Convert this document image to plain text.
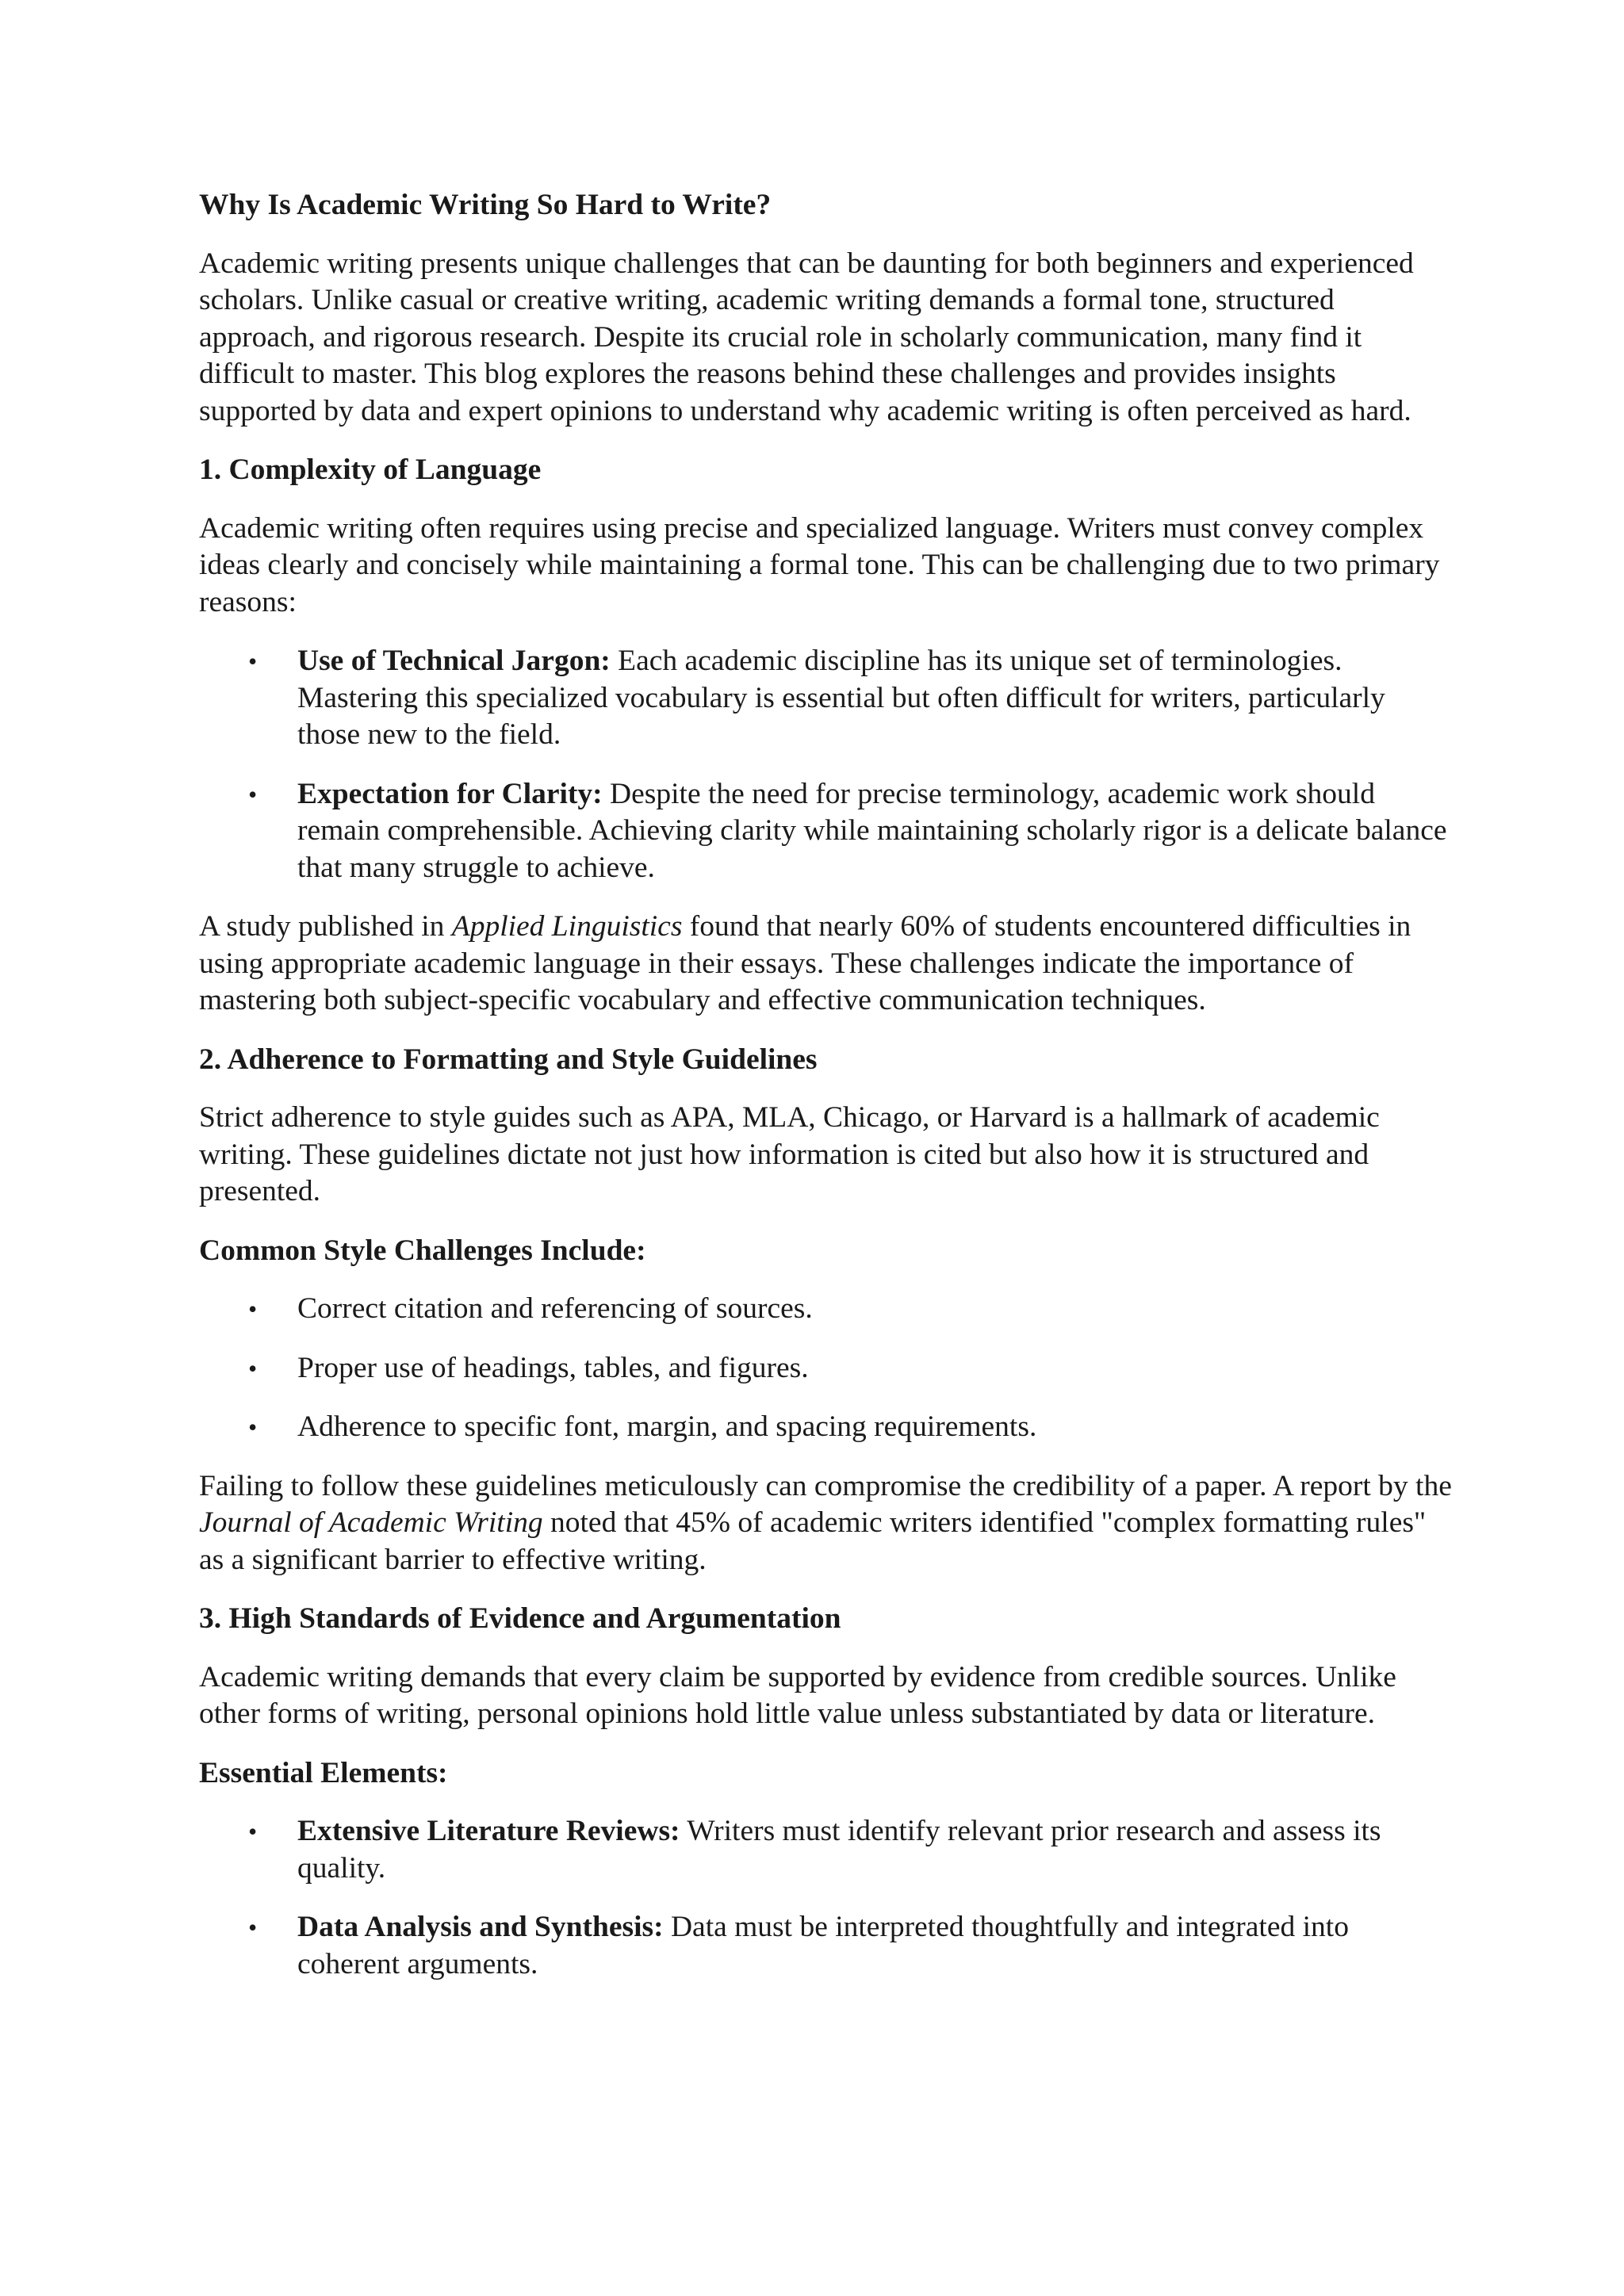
Why Is Academic Writing So Hard to Write?

Academic writing presents unique challenges that can be daunting for both beginners and experienced scholars. Unlike casual or creative writing, academic writing demands a formal tone, structured approach, and rigorous research. Despite its crucial role in scholarly communication, many find it difficult to master. This blog explores the reasons behind these challenges and provides insights supported by data and expert opinions to understand why academic writing is often perceived as hard.

1. Complexity of Language

Academic writing often requires using precise and specialized language. Writers must convey complex ideas clearly and concisely while maintaining a formal tone. This can be challenging due to two primary reasons:

• Use of Technical Jargon: Each academic discipline has its unique set of terminologies. Mastering this specialized vocabulary is essential but often difficult for writers, particularly those new to the field.
• Expectation for Clarity: Despite the need for precise terminology, academic work should remain comprehensible. Achieving clarity while maintaining scholarly rigor is a delicate balance that many struggle to achieve.

A study published in Applied Linguistics found that nearly 60% of students encountered difficulties in using appropriate academic language in their essays. These challenges indicate the importance of mastering both subject-specific vocabulary and effective communication techniques.

2. Adherence to Formatting and Style Guidelines

Strict adherence to style guides such as APA, MLA, Chicago, or Harvard is a hallmark of academic writing. These guidelines dictate not just how information is cited but also how it is structured and presented.

Common Style Challenges Include:
• Correct citation and referencing of sources.
• Proper use of headings, tables, and figures.
• Adherence to specific font, margin, and spacing requirements.

Failing to follow these guidelines meticulously can compromise the credibility of a paper. A report by the Journal of Academic Writing noted that 45% of academic writers identified "complex formatting rules" as a significant barrier to effective writing.

3. High Standards of Evidence and Argumentation

Academic writing demands that every claim be supported by evidence from credible sources. Unlike other forms of writing, personal opinions hold little value unless substantiated by data or literature.

Essential Elements:
• Extensive Literature Reviews: Writers must identify relevant prior research and assess its quality.
• Data Analysis and Synthesis: Data must be interpreted thoughtfully and integrated into coherent arguments.
